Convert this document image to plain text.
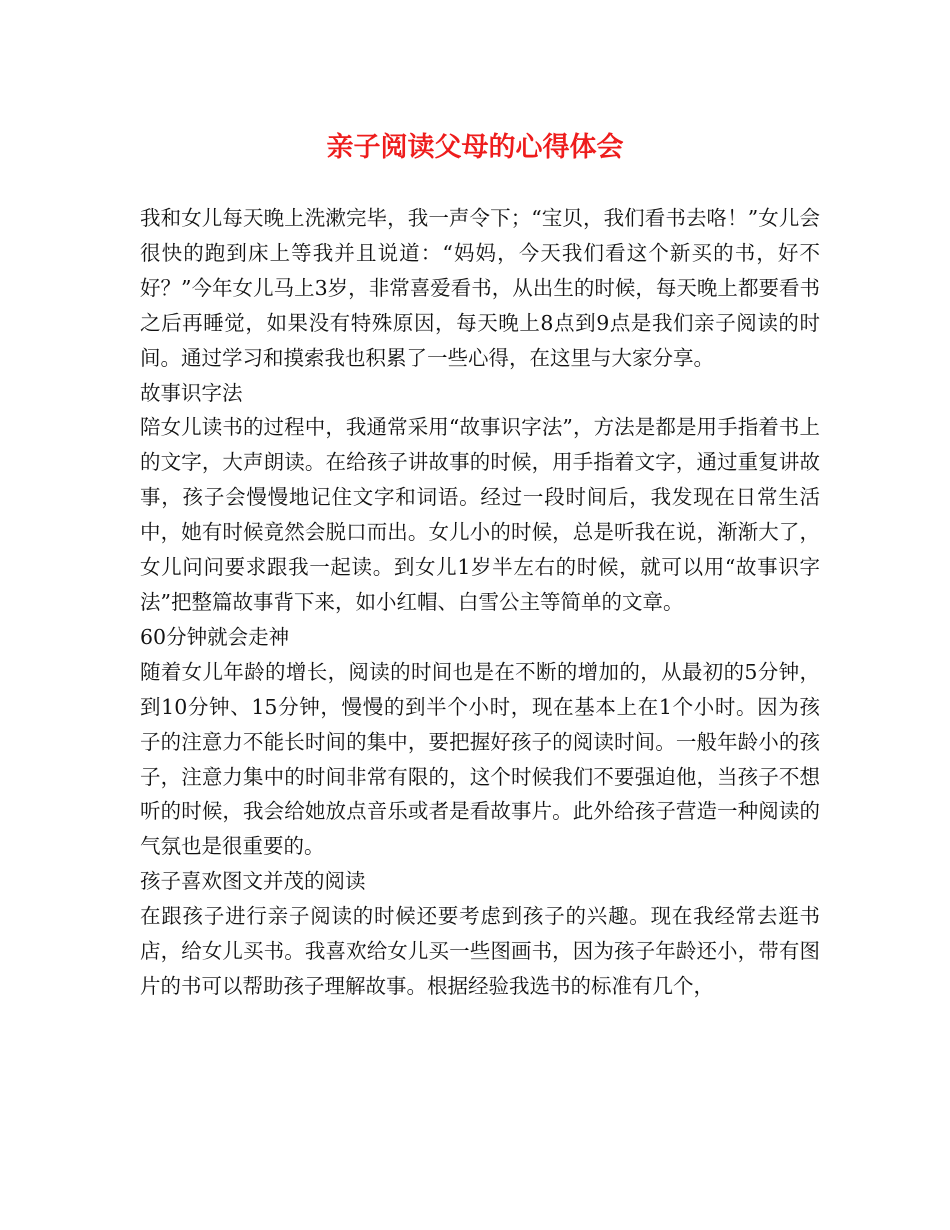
亲子阅读父母的心得体会

我和女儿每天晚上洗漱完毕，我一声令下；“宝贝，我们看书去咯！”女儿会很快的跑到床上等我并且说道：“妈妈，今天我们看这个新买的书，好不好？”今年女儿马上3岁，非常喜爱看书，从出生的时候，每天晚上都要看书之后再睡觉，如果没有特殊原因，每天晚上8点到9点是我们亲子阅读的时间。通过学习和摸索我也积累了一些心得，在这里与大家分享。

故事识字法

陪女儿读书的过程中，我通常采用“故事识字法”，方法是都是用手指着书上的文字，大声朗读。在给孩子讲故事的时候，用手指着文字，通过重复讲故事，孩子会慢慢地记住文字和词语。经过一段时间后，我发现在日常生活中，她有时候竟然会脱口而出。女儿小的时候，总是听我在说，渐渐大了，女儿问问要求跟我一起读。到女儿1岁半左右的时候，就可以用“故事识字法”把整篇故事背下来，如小红帽、白雪公主等简单的文章。

60分钟就会走神

随着女儿年龄的增长，阅读的时间也是在不断的增加的，从最初的5分钟，到10分钟、15分钟，慢慢的到半个小时，现在基本上在1个小时。因为孩子的注意力不能长时间的集中，要把握好孩子的阅读时间。一般年龄小的孩子，注意力集中的时间非常有限的，这个时候我们不要强迫他，当孩子不想听的时候，我会给她放点音乐或者是看故事片。此外给孩子营造一种阅读的气氛也是很重要的。

孩子喜欢图文并茂的阅读

在跟孩子进行亲子阅读的时候还要考虑到孩子的兴趣。现在我经常去逛书店，给女儿买书。我喜欢给女儿买一些图画书，因为孩子年龄还小，带有图片的书可以帮助孩子理解故事。根据经验我选书的标准有几个，
